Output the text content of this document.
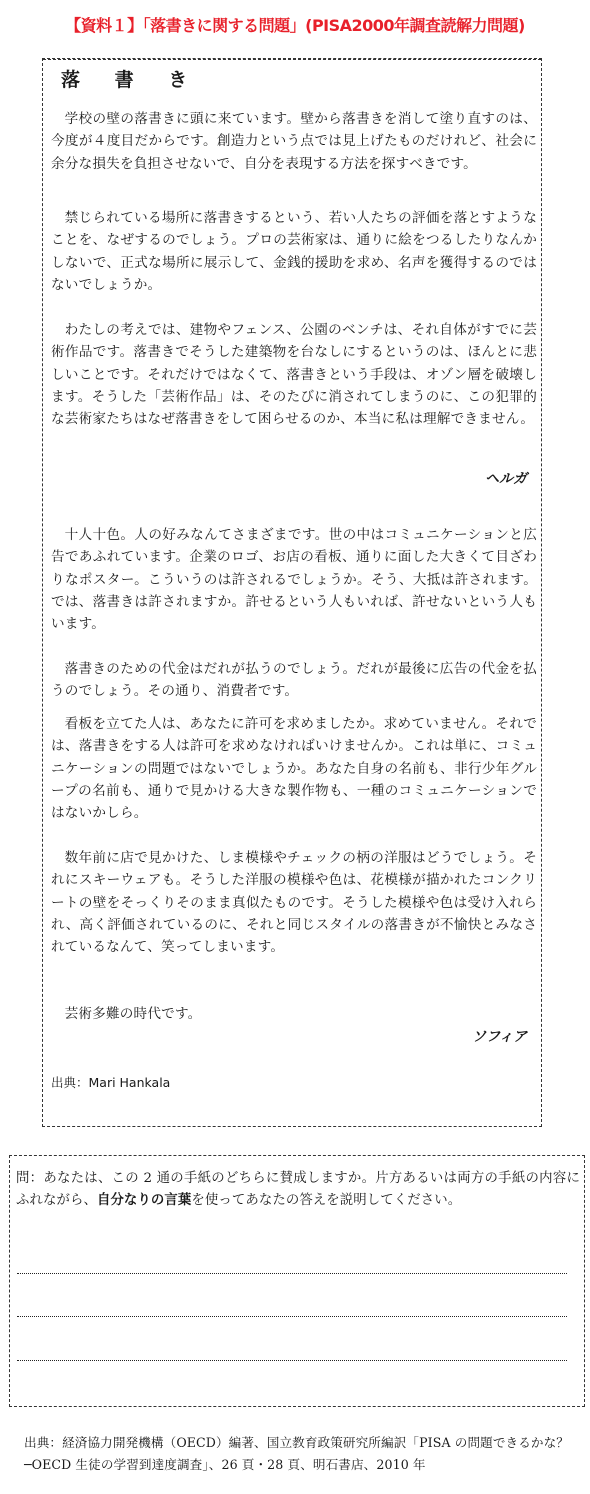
【資料１】「落書きに関する問題」(PISA2000年調査読解力問題)
落 書 き

学校の壁の落書きに頭に来ています。壁から落書きを消して塗り直すのは、今度が４度目だからです。創造力という点では見上げたものだけれど、社会に余分な損失を負担させないで、自分を表現する方法を探すべきです。

禁じられている場所に落書きするという、若い人たちの評価を落とすようなことを、なぜするのでしょう。プロの芸術家は、通りに絵をつるしたりなんかしないで、正式な場所に展示して、金銭的援助を求め、名声を獲得するのではないでしょうか。

わたしの考えでは、建物やフェンス、公園のベンチは、それ自体がすでに芸術作品です。落書きでそうした建築物を台なしにするというのは、ほんとに悲しいことです。それだけではなくて、落書きという手段は、オゾン層を破壊します。そうした「芸術作品」は、そのたびに消されてしまうのに、この犯罪的な芸術家たちはなぜ落書きをして困らせるのか、本当に私は理解できません。

ヘルガ

十人十色。人の好みなんてさまざまです。世の中はコミュニケーションと広告であふれています。企業のロゴ、お店の看板、通りに面した大きくて目ざわりなポスター。こういうのは許されるでしょうか。そう、大抵は許されます。では、落書きは許されますか。許せるという人もいれば、許せないという人もいます。

落書きのための代金はだれが払うのでしょう。だれが最後に広告の代金を払うのでしょう。その通り、消費者です。

看板を立てた人は、あなたに許可を求めましたか。求めていません。それでは、落書きをする人は許可を求めなければいけませんか。これは単に、コミュニケーションの問題ではないでしょうか。あなた自身の名前も、非行少年グループの名前も、通りで見かける大きな製作物も、一種のコミュニケーションではないかしら。

数年前に店で見かけた、しま模様やチェックの柄の洋服はどうでしょう。それにスキーウェアも。そうした洋服の模様や色は、花模様が描かれたコンクリートの壁をそっくりそのまま真似たものです。そうした模様や色は受け入れられ、高く評価されているのに、それと同じスタイルの落書きが不愉快とみなされているなんて、笑ってしまいます。

芸術多難の時代です。

ソフィア

出典：Mari Hankala

問：あなたは、この 2 通の手紙のどちらに賛成しますか。片方あるいは両方の手紙の内容にふれながら、自分なりの言葉を使ってあなたの答えを説明してください。

出典：経済協力開発機構（OECD）編著、国立教育政策研究所編訳「PISA の問題できるかな？─OECD 生徒の学習到達度調査」、26 頁・28 頁、明石書店、2010 年
